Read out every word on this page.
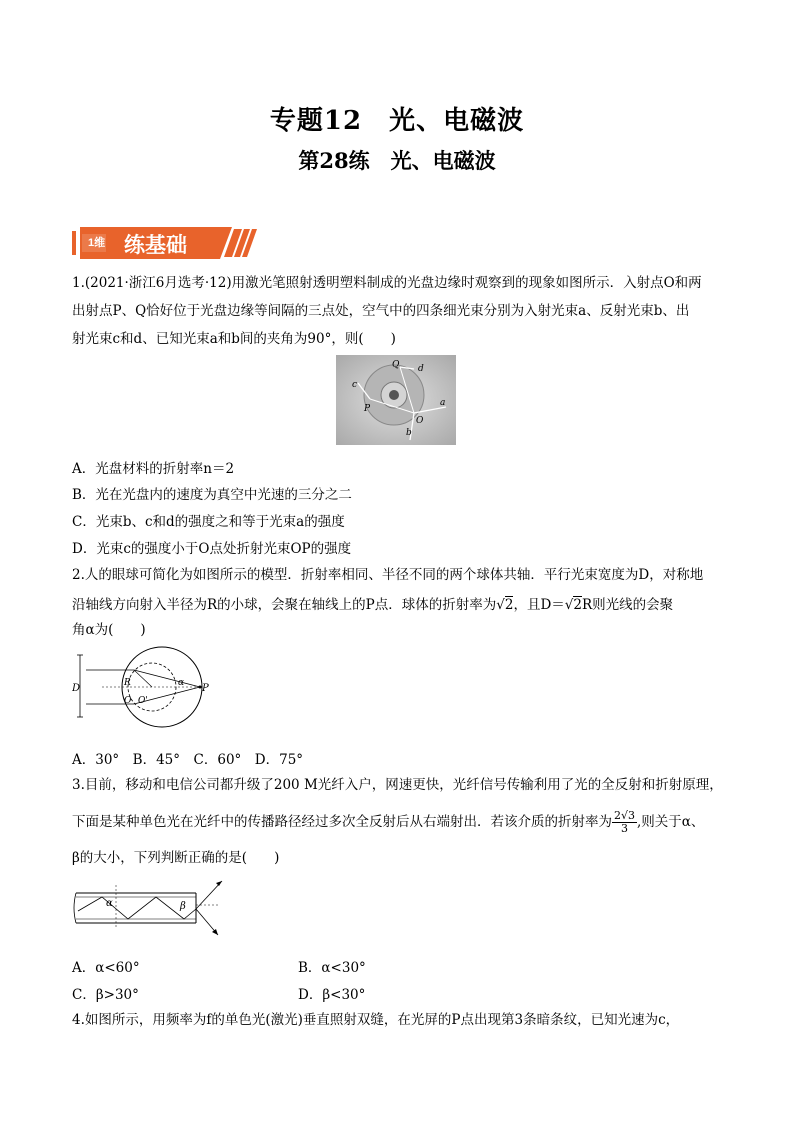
专题12　光、电磁波
第28练　光、电磁波
1维 练基础
1.(2021·浙江6月选考·12)用激光笔照射透明塑料制成的光盘边缘时观察到的现象如图所示．入射点O和两
出射点P、Q恰好位于光盘边缘等间隔的三点处，空气中的四条细光束分别为入射光束a、反射光束b、出
射光束c和d、已知光束a和b间的夹角为90°，则(　　)
Q d
c
P
a
O
b
A．光盘材料的折射率n＝2
B．光在光盘内的速度为真空中光速的三分之二
C．光束b、c和d的强度之和等于光束a的强度
D．光束c的强度小于O点处折射光束OP的强度
2.人的眼球可简化为如图所示的模型．折射率相同、半径不同的两个球体共轴．平行光束宽度为D，对称地
沿轴线方向射入半径为R的小球，会聚在轴线上的P点．球体的折射率为√2，且D＝√2R则光线的会聚
角α为(　　)
D	R	α P
O O'
A．30°　B．45°　C．60°　D．75°
3.目前，移动和电信公司都升级了200 M光纤入户，网速更快，光纤信号传输利用了光的全反射和折射原理，
下面是某种单色光在光纤中的传播路径经过多次全反射后从右端射出．若该介质的折射率为 $\frac{2√3}{3}$ ,则关于α、
β的大小，下列判断正确的是(　　)
α	β
A．α<60°	B．α<30°
C．β>30°	D．β<30°
4.如图所示，用频率为f的单色光(激光)垂直照射双缝，在光屏的P点出现第3条暗条纹，已知光速为c，
